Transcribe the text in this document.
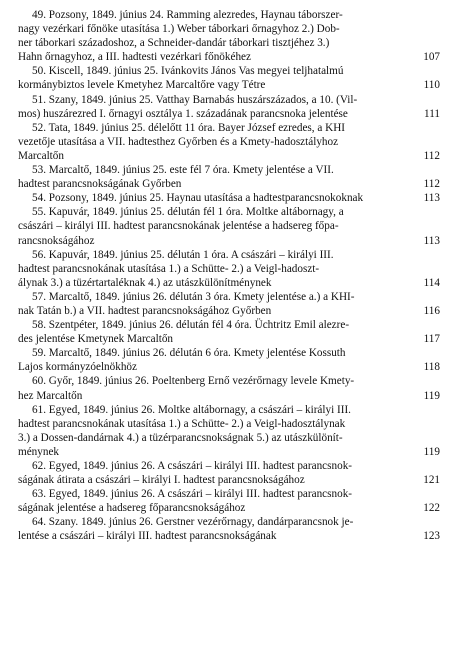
49. Pozsony, 1849. június 24. Ramming alezredes, Haynau táborszer-
nagy vezérkari főnöke utasítása 1.) Weber táborkari őrnagyhoz 2.) Dob-
ner táborkari századoshoz, a Schneider-dandár táborkari tisztjéhez 3.)
Hahn őrnagyhoz, a III. hadtesti vezérkari főnökéhez	107
50. Kiscell, 1849. június 25. Ivánkovits János Vas megyei teljhatalmú
kormánybiztos levele Kmetyhez Marcaltőre vagy Tétre	110
51. Szany, 1849. június 25. Vatthay Barnabás huszárszázados, a 10. (Vil-
mos) huszárezred I. őrnagyi osztálya 1. századának parancsnoka jelentése	111
52. Tata, 1849. június 25. délelőtt 11 óra. Bayer József ezredes, a KHI
vezetője utasítása a VII. hadtesthez Győrben és a Kmety-hadosztályhoz
Marcaltőn	112
53. Marcaltő, 1849. június 25. este fél 7 óra. Kmety jelentése a VII.
hadtest parancsnokságának Győrben	112
54. Pozsony, 1849. június 25. Haynau utasítása a hadtestparancsnokoknak	113
55. Kapuvár, 1849. június 25. délután fél 1 óra. Moltke altábornagy, a
császári – királyi III. hadtest parancsnokának jelentése a hadsereg főpa-
rancsnokságához	113
56. Kapuvár, 1849. június 25. délután 1 óra. A császári – királyi III.
hadtest parancsnokának utasítása 1.) a Schütte- 2.) a Veigl-hadoszt-
álynak 3.) a tüzértartaléknak 4.) az utászkülönítménynek	114
57. Marcaltő, 1849. június 26. délután 3 óra. Kmety jelentése a.) a KHI-
nak Tatán b.) a VII. hadtest parancsnokságához Győrben	116
58. Szentpéter, 1849. június 26. délután fél 4 óra. Üchtritz Emil alezre-
des jelentése Kmetynek Marcaltőn	117
59. Marcaltő, 1849. június 26. délután 6 óra. Kmety jelentése Kossuth
Lajos kormányzóelnökhöz	118
60. Győr, 1849. június 26. Poeltenberg Ernő vezérőrnagy levele Kmety-
hez Marcaltőn	119
61. Egyed, 1849. június 26. Moltke altábornagy, a császári – királyi III.
hadtest parancsnokának utasítása 1.) a Schütte- 2.) a Veigl-hadosztálynak
3.) a Dossen-dandárnak 4.) a tüzérparancsnokságnak 5.) az utászkülönít-
ménynek	119
62. Egyed, 1849. június 26. A császári – királyi III. hadtest parancsnok-
ságának átirata a császári – királyi I. hadtest parancsnokságához	121
63. Egyed, 1849. június 26. A császári – királyi III. hadtest parancsnok-
ságának jelentése a hadsereg főparancsnokságához	122
64. Szany. 1849. június 26. Gerstner vezérőrnagy, dandárparancsnok je-
lentése a császári – királyi III. hadtest parancsnokságának	123
